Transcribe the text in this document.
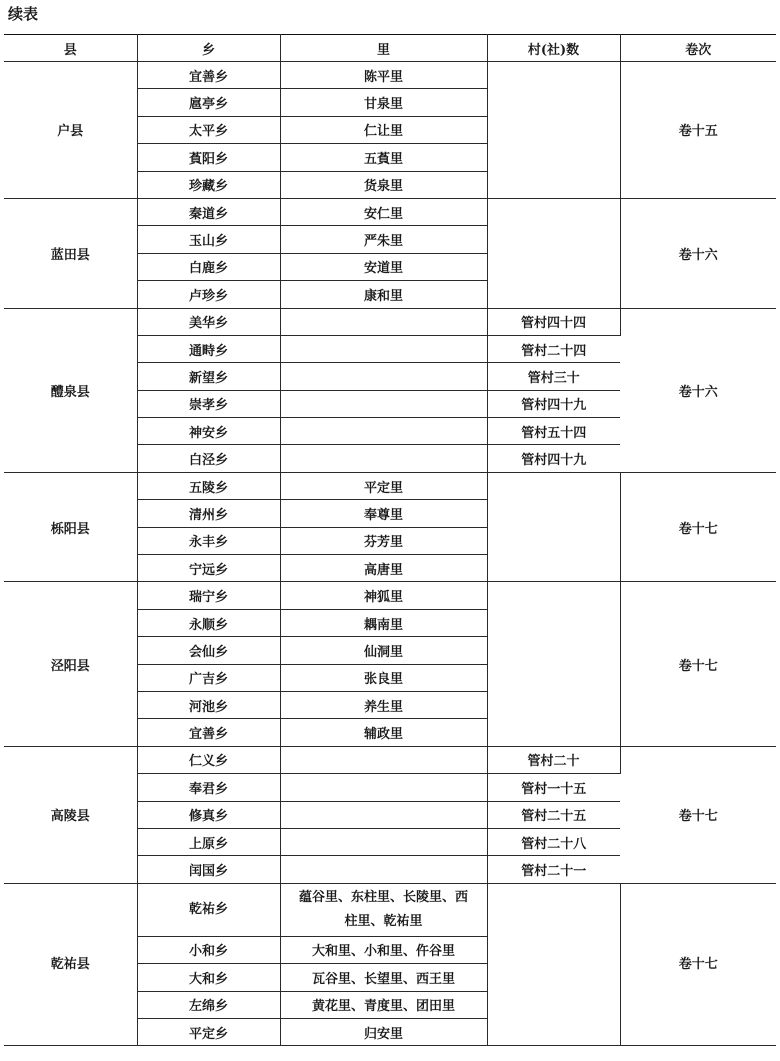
续表
县	乡	里	村(社)数	卷次
户县	宜善乡	陈平里		卷十五
	扈亭乡	甘泉里		
	太平乡	仁让里		
	萯阳乡	五萯里		
	珍藏乡	货泉里		
蓝田县	秦道乡	安仁里		卷十六
	玉山乡	严朱里		
	白鹿乡	安道里		
	卢珍乡	康和里		
醴泉县	美华乡		管村四十四	卷十六
	通畤乡		管村二十四	
	新望乡		管村三十	
	崇孝乡		管村四十九	
	神安乡		管村五十四	
	白泾乡		管村四十九	
栎阳县	五陵乡	平定里		卷十七
	清州乡	奉尊里		
	永丰乡	芬芳里		
	宁远乡	高唐里		
泾阳县	瑞宁乡	神狐里		卷十七
	永顺乡	耦南里		
	会仙乡	仙洞里		
	广吉乡	张良里		
	河池乡	养生里		
	宜善乡	辅政里		
高陵县	仁义乡		管村二十	卷十七
	奉君乡		管村一十五	
	修真乡		管村二十五	
	上原乡		管村二十八	
	闰国乡		管村二十一	
乾祐县	乾祐乡	蕴谷里、东柱里、长陵里、西柱里、乾祐里		卷十七
	小和乡	大和里、小和里、仵谷里		
	大和乡	瓦谷里、长望里、西王里		
	左绵乡	黄花里、青度里、团田里		
	平定乡	归安里		
